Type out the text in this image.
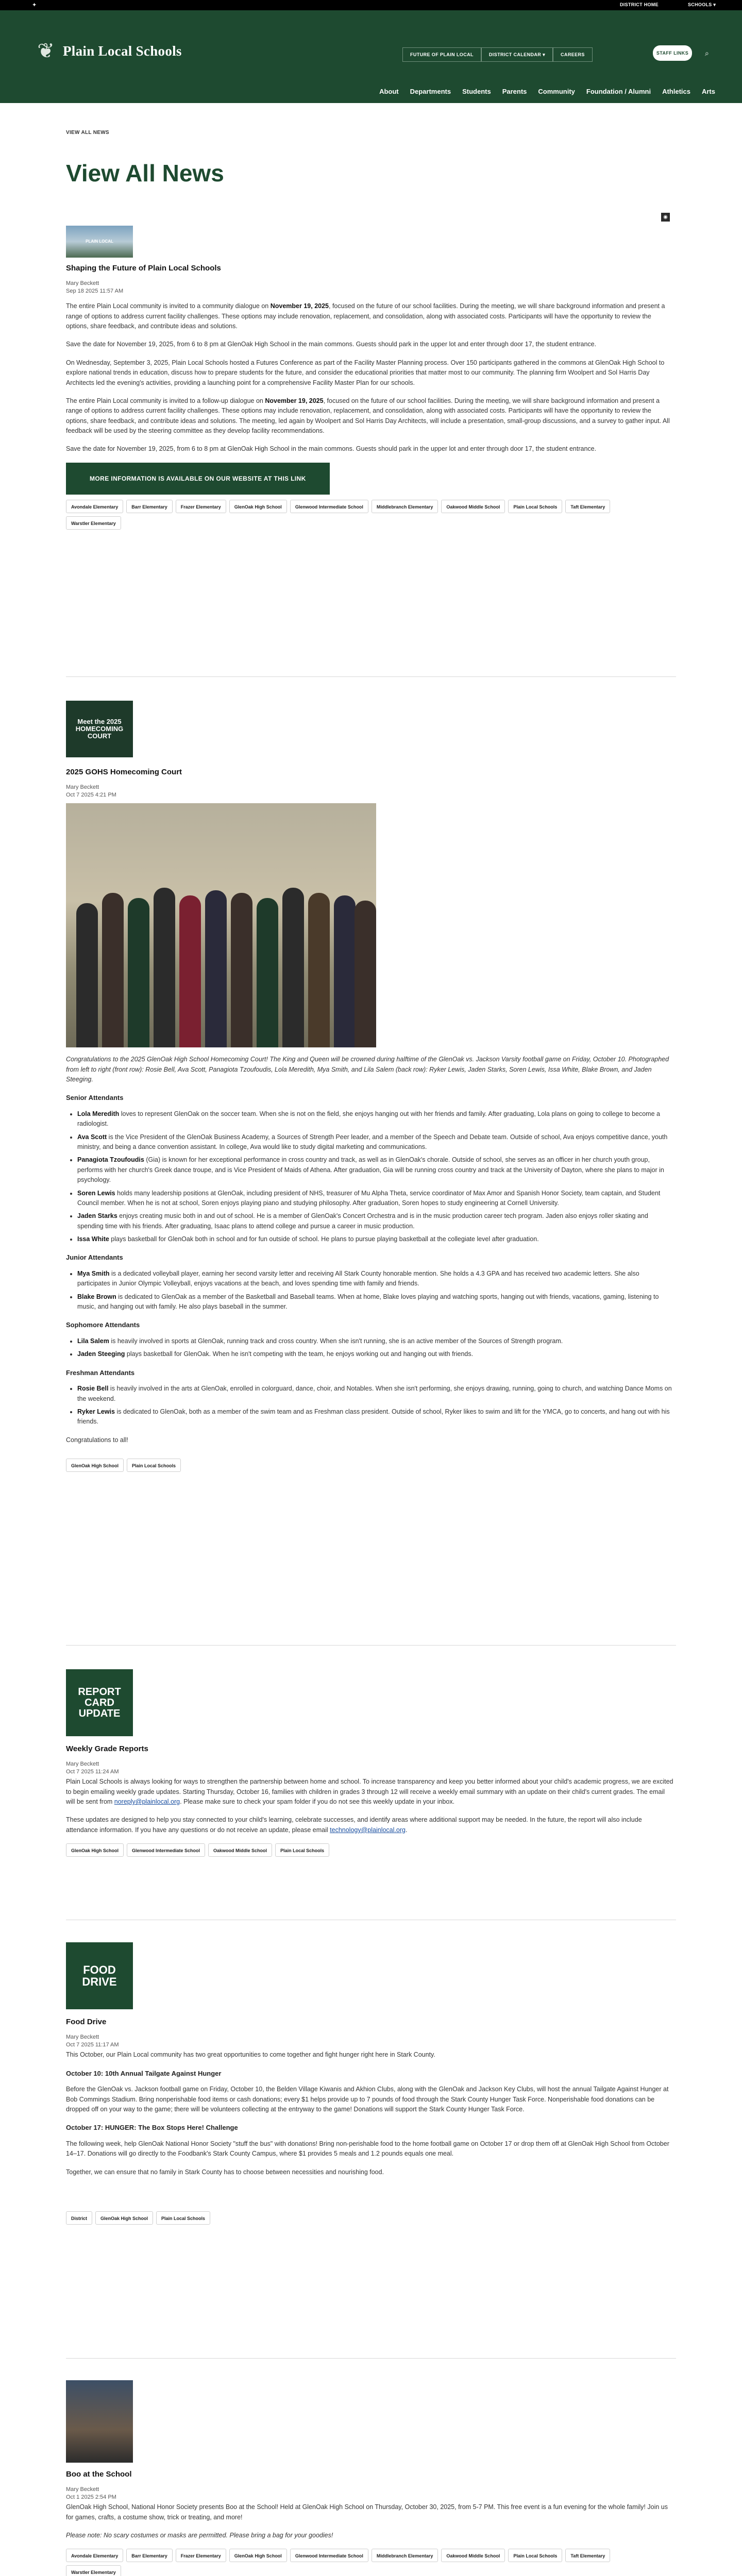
✦	DISTRICT HOME	SCHOOLS ▾
❦ Plain Local Schools	FUTURE OF PLAIN LOCAL	DISTRICT CALENDAR ▾	CAREERS	STAFF LINKS	⌕
About Departments Students Parents Community Foundation / Alumni Athletics Arts
VIEW ALL NEWS
View All News
◉
PLAIN LOCAL
Shaping the Future of Plain Local Schools
Mary Beckett
Sep 18 2025 11:57 AM

The entire Plain Local community is invited to a community dialogue on November 19, 2025, focused on the future of our school facilities. During the meeting, we will share background information and present a range of options to address current facility challenges. These options may include renovation, replacement, and consolidation, along with associated costs. Participants will have the opportunity to review the options, share feedback, and contribute ideas and solutions.

Save the date for November 19, 2025, from 6 to 8 pm at GlenOak High School in the main commons. Guests should park in the upper lot and enter through door 17, the student entrance.

On Wednesday, September 3, 2025, Plain Local Schools hosted a Futures Conference as part of the Facility Master Planning process. Over 150 participants gathered in the commons at GlenOak High School to explore national trends in education, discuss how to prepare students for the future, and consider the educational priorities that matter most to our community. The planning firm Woolpert and Sol Harris Day Architects led the evening's activities, providing a launching point for a comprehensive Facility Master Plan for our schools.

The entire Plain Local community is invited to a follow-up dialogue on November 19, 2025, focused on the future of our school facilities. During the meeting, we will share background information and present a range of options to address current facility challenges. These options may include renovation, replacement, and consolidation, along with associated costs. Participants will have the opportunity to review the options, share feedback, and contribute ideas and solutions. The meeting, led again by Woolpert and Sol Harris Day Architects, will include a presentation, small-group discussions, and a survey to gather input. All feedback will be used by the steering committee as they develop facility recommendations.

Save the date for November 19, 2025, from 6 to 8 pm at GlenOak High School in the main commons. Guests should park in the upper lot and enter through door 17, the student entrance.

MORE INFORMATION IS AVAILABLE ON OUR WEBSITE AT THIS LINK
Avondale Elementary	Barr Elementary	Frazer Elementary	GlenOak High School	Glenwood Intermediate School	Middlebranch Elementary	Oakwood Middle School	Plain Local Schools	Taft Elementary
Warstler Elementary
Meet the 2025 HOMECOMING COURT
2025 GOHS Homecoming Court
Mary Beckett
Oct 7 2025 4:21 PM

Congratulations to the 2025 GlenOak High School Homecoming Court! The King and Queen will be crowned during halftime of the GlenOak vs. Jackson Varsity football game on Friday, October 10. Photographed from left to right (front row): Rosie Bell, Ava Scott, Panagiota Tzoufoudis, Lola Meredith, Mya Smith, and Lila Salem (back row): Ryker Lewis, Jaden Starks, Soren Lewis, Issa White, Blake Brown, and Jaden Steeging.

Senior Attendants
• Lola Meredith loves to represent GlenOak on the soccer team. When she is not on the field, she enjoys hanging out with her friends and family. After graduating, Lola plans on going to college to become a radiologist.
• Ava Scott is the Vice President of the GlenOak Business Academy, a Sources of Strength Peer leader, and a member of the Speech and Debate team. Outside of school, Ava enjoys competitive dance, youth ministry, and being a dance convention assistant. In college, Ava would like to study digital marketing and communications.
• Panagiota Tzoufoudis (Gia) is known for her exceptional performance in cross country and track, as well as in GlenOak's chorale. Outside of school, she serves as an officer in her church youth group, performs with her church's Greek dance troupe, and is Vice President of Maids of Athena. After graduation, Gia will be running cross country and track at the University of Dayton, where she plans to major in psychology.
• Soren Lewis holds many leadership positions at GlenOak, including president of NHS, treasurer of Mu Alpha Theta, service coordinator of Max Amor and Spanish Honor Society, team captain, and Student Council member. When he is not at school, Soren enjoys playing piano and studying philosophy. After graduation, Soren hopes to study engineering at Cornell University.
• Jaden Starks enjoys creating music both in and out of school. He is a member of GlenOak's Concert Orchestra and is in the music production career tech program. Jaden also enjoys roller skating and spending time with his friends. After graduating, Isaac plans to attend college and pursue a career in music production.
• Issa White plays basketball for GlenOak both in school and for fun outside of school. He plans to pursue playing basketball at the collegiate level after graduation.
Junior Attendants
• Mya Smith is a dedicated volleyball player, earning her second varsity letter and receiving All Stark County honorable mention. She holds a 4.3 GPA and has received two academic letters. She also participates in Junior Olympic Volleyball, enjoys vacations at the beach, and loves spending time with family and friends.
• Blake Brown is dedicated to GlenOak as a member of the Basketball and Baseball teams. When at home, Blake loves playing and watching sports, hanging out with friends, vacations, gaming, listening to music, and hanging out with family. He also plays baseball in the summer.
Sophomore Attendants
• Lila Salem is heavily involved in sports at GlenOak, running track and cross country. When she isn't running, she is an active member of the Sources of Strength program.
• Jaden Steeging plays basketball for GlenOak. When he isn't competing with the team, he enjoys working out and hanging out with friends.
Freshman Attendants
• Rosie Bell is heavily involved in the arts at GlenOak, enrolled in colorguard, dance, choir, and Notables. When she isn't performing, she enjoys drawing, running, going to church, and watching Dance Moms on the weekend.
• Ryker Lewis is dedicated to GlenOak, both as a member of the swim team and as Freshman class president. Outside of school, Ryker likes to swim and lift for the YMCA, go to concerts, and hang out with his friends.

Congratulations to all!

GlenOak High School	Plain Local Schools
REPORT CARD UPDATE
Weekly Grade Reports
Mary Beckett
Oct 7 2025 11:24 AM

Plain Local Schools is always looking for ways to strengthen the partnership between home and school. To increase transparency and keep you better informed about your child's academic progress, we are excited to begin emailing weekly grade updates. Starting Thursday, October 16, families with children in grades 3 through 12 will receive a weekly email summary with an update on their child's current grades. The email will be sent from noreply@plainlocal.org. Please make sure to check your spam folder if you do not see this weekly update in your inbox.

These updates are designed to help you stay connected to your child's learning, celebrate successes, and identify areas where additional support may be needed. In the future, the report will also include attendance information. If you have any questions or do not receive an update, please email technology@plainlocal.org.

GlenOak High School	Glenwood Intermediate School	Oakwood Middle School	Plain Local Schools
FOOD DRIVE
Food Drive
Mary Beckett
Oct 7 2025 11:17 AM

This October, our Plain Local community has two great opportunities to come together and fight hunger right here in Stark County.

October 10: 10th Annual Tailgate Against Hunger

Before the GlenOak vs. Jackson football game on Friday, October 10, the Belden Village Kiwanis and Akhion Clubs, along with the GlenOak and Jackson Key Clubs, will host the annual Tailgate Against Hunger at Bob Commings Stadium. Bring nonperishable food items or cash donations; every $1 helps provide up to 7 pounds of food through the Stark County Hunger Task Force. Nonperishable food donations can be dropped off on your way to the game; there will be volunteers collecting at the entryway to the game! Donations will support the Stark County Hunger Task Force.

October 17: HUNGER: The Box Stops Here! Challenge

The following week, help GlenOak National Honor Society "stuff the bus" with donations! Bring non-perishable food to the home football game on October 17 or drop them off at GlenOak High School from October 14–17. Donations will go directly to the Foodbank's Stark County Campus, where $1 provides 5 meals and 1.2 pounds equals one meal.

Together, we can ensure that no family in Stark County has to choose between necessities and nourishing food.

District	GlenOak High School	Plain Local Schools
Boo at the School
Mary Beckett
Oct 1 2025 2:54 PM

GlenOak High School, National Honor Society presents Boo at the School! Held at GlenOak High School on Thursday, October 30, 2025, from 5-7 PM. This free event is a fun evening for the whole family! Join us for games, crafts, a costume show, trick or treating, and more!

Please note: No scary costumes or masks are permitted. Please bring a bag for your goodies!

Avondale Elementary	Barr Elementary	Frazer Elementary	GlenOak High School	Glenwood Intermediate School	Middlebranch Elementary	Oakwood Middle School	Plain Local Schools	Taft Elementary
Warstler Elementary
